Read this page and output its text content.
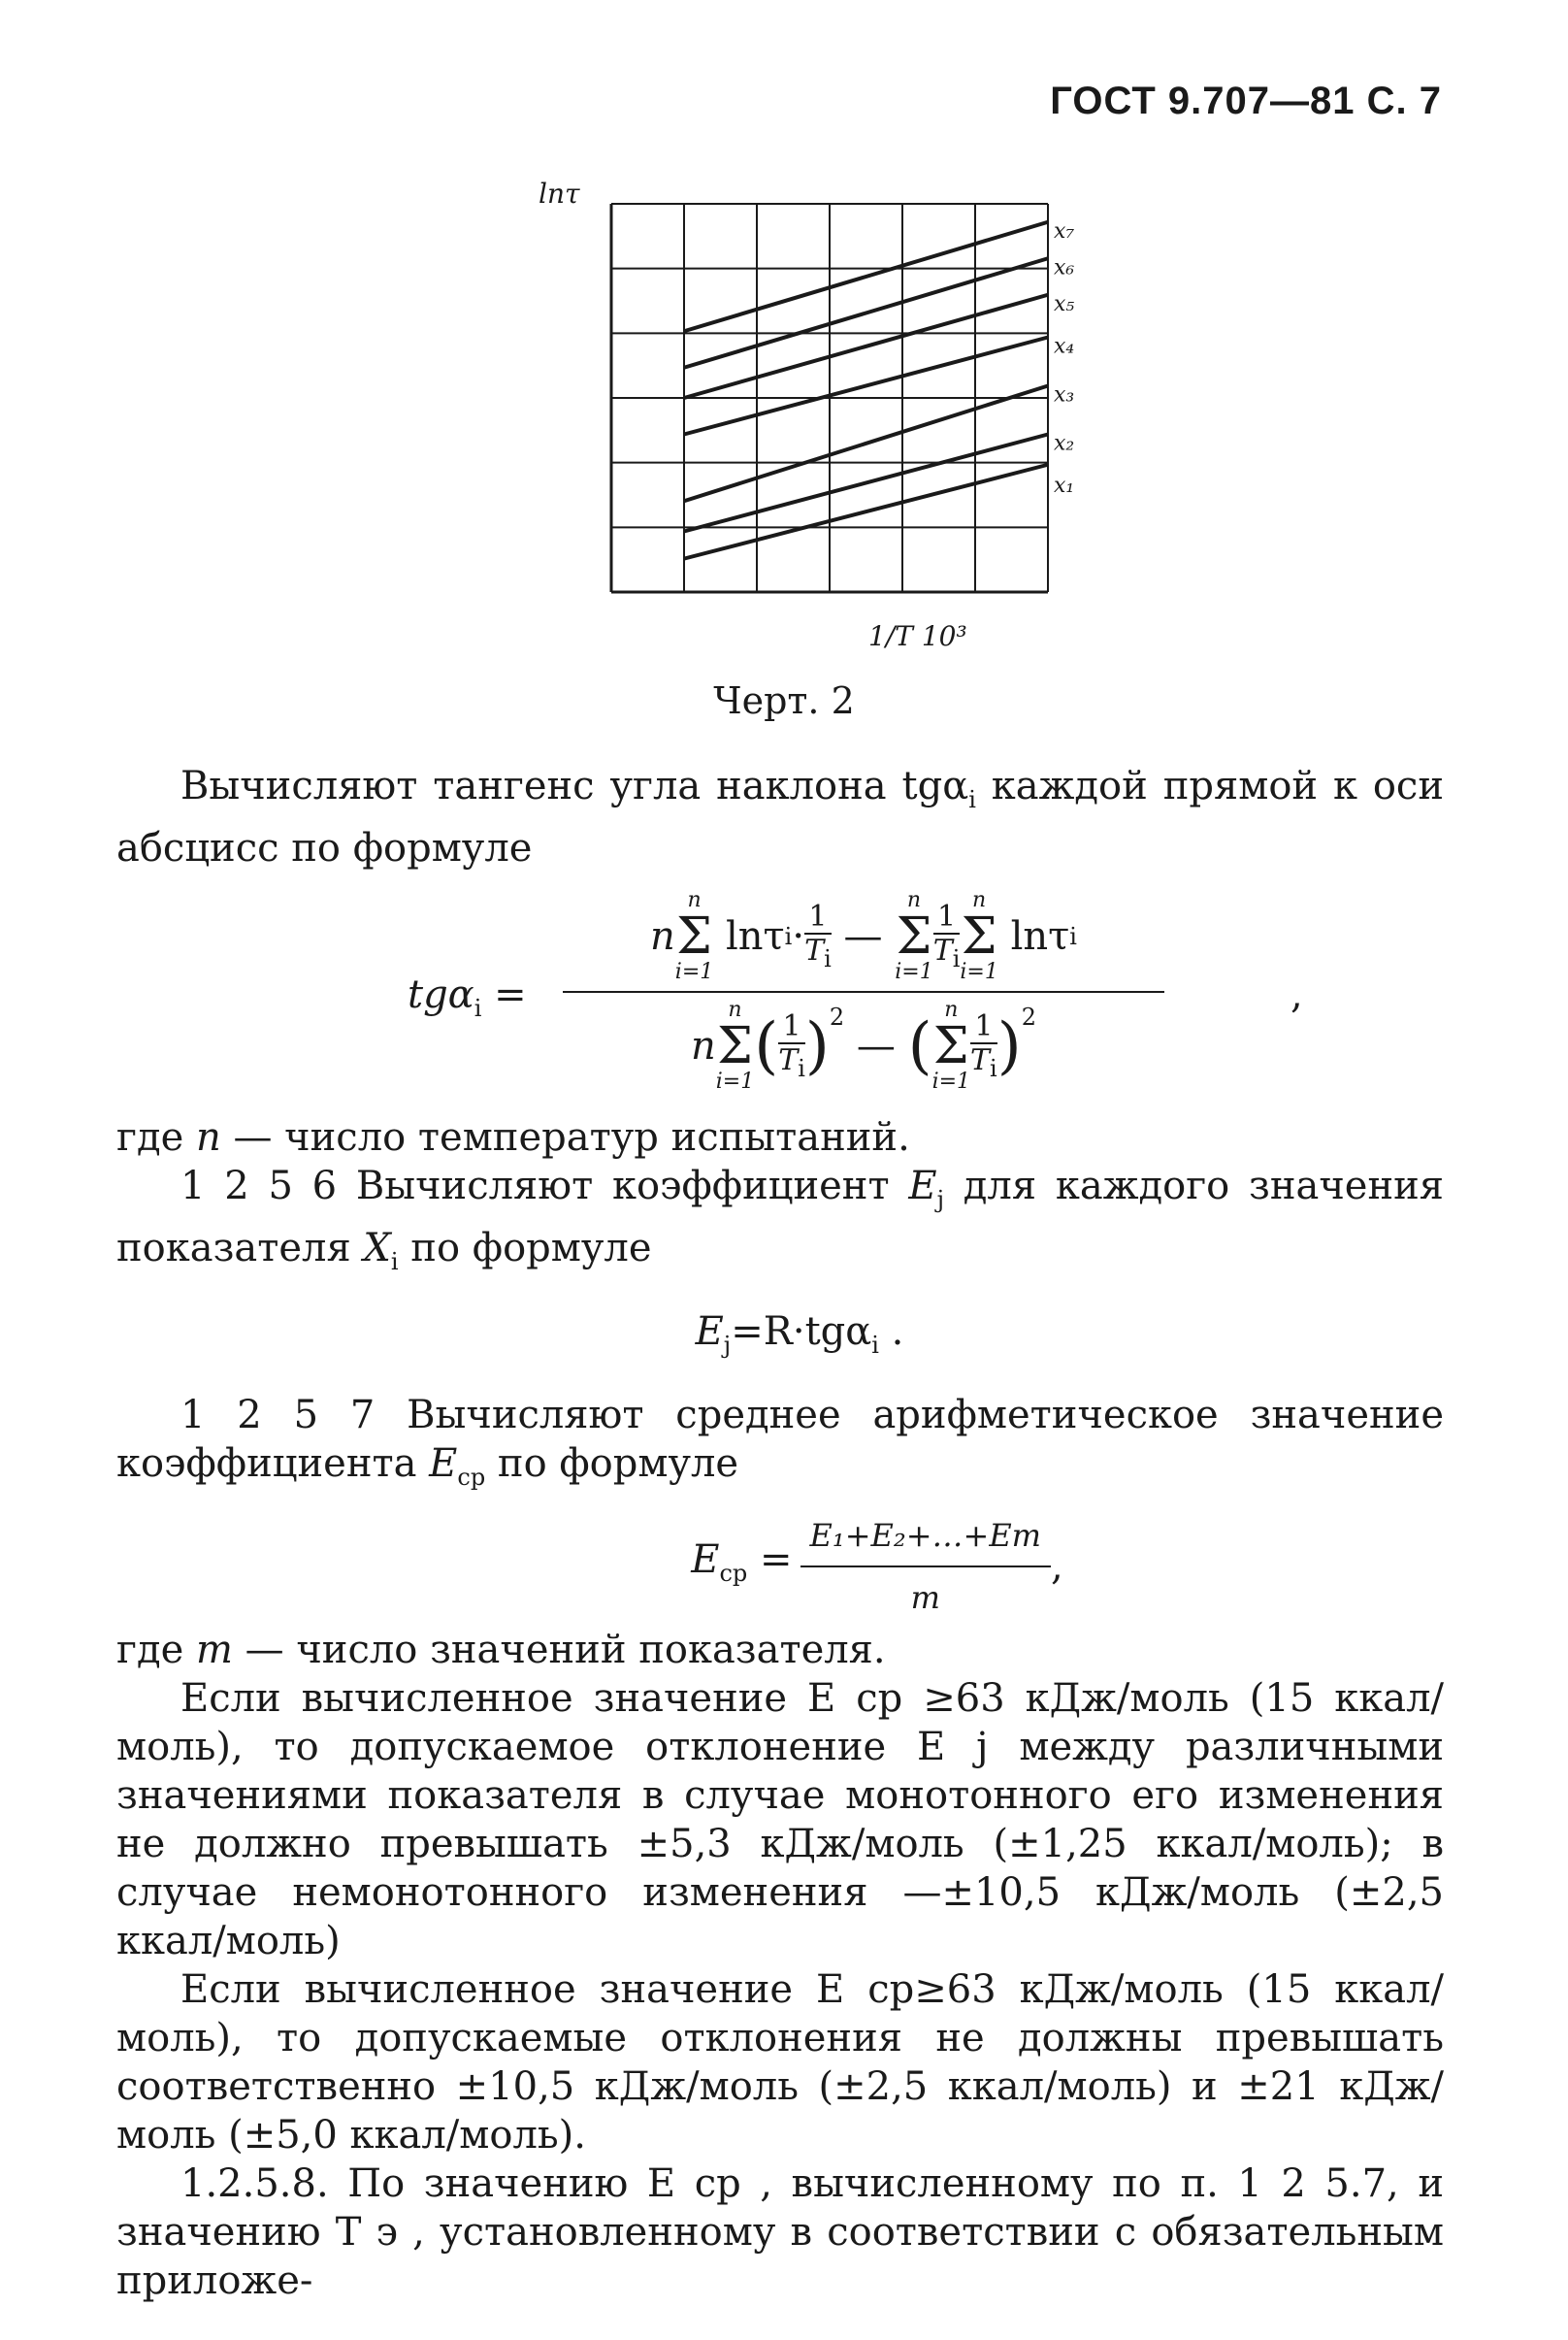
ГОСТ 9.707—81 С. 7
x₁
x₂
x₃
x₄
x₅
x₆
x₇
lnτ
1/T 10³
Черт. 2

Вычисляют тангенс угла наклона tgα$_i$ каждой прямой к оси абсцисс по формуле

tgα$_i$ =
n
n
Σ
i=1

lnτ $i \cdot \frac{1}{T_i}$
—

n
Σ
$i=1 \frac{1}{T_i}$
n
Σ
i=1

lnτ i
n
n
Σ
i=1 ( $\frac{1}{T_i} )^2$

—
(
n
Σ
$i=1 \frac{1}{T_i} )^2$	,

где n — число температур испытаний.

1 2 5 6 Вычисляют коэффициент $E_j$ для каждого значения показателя $X_i$ по формуле

$E_j=R\cdot tg\alpha_i$ .

1 2 5 7 Вычисляют среднее арифметическое значение коэффициента $E_{ср}$ по формуле

$E_{ср} = \frac{\text{E₁+E₂+…+Em}}{m}$ ,

где m — число значений показателя.

Если вычисленное значение E ср ≥63 кДж/моль (15 ккал/моль), то допускаемое отклонение E j между различными значениями показателя в случае монотонного его изменения не должно превышать ±5,3 кДж/моль (±1,25 ккал/моль); в случае немонотонного изменения —±10,5 кДж/моль (±2,5 ккал/моль)

Если вычисленное значение E ср≥63 кДж/моль (15 ккал/моль), то допускаемые отклонения не должны превышать соответственно ±10,5 кДж/моль (±2,5 ккал/моль) и ±21 кДж/моль (±5,0 ккал/моль).

1.2.5.8. По значению E ср , вычисленному по п. 1 2 5.7, и значению T э , установленному в соответствии с обязательным приложе-
